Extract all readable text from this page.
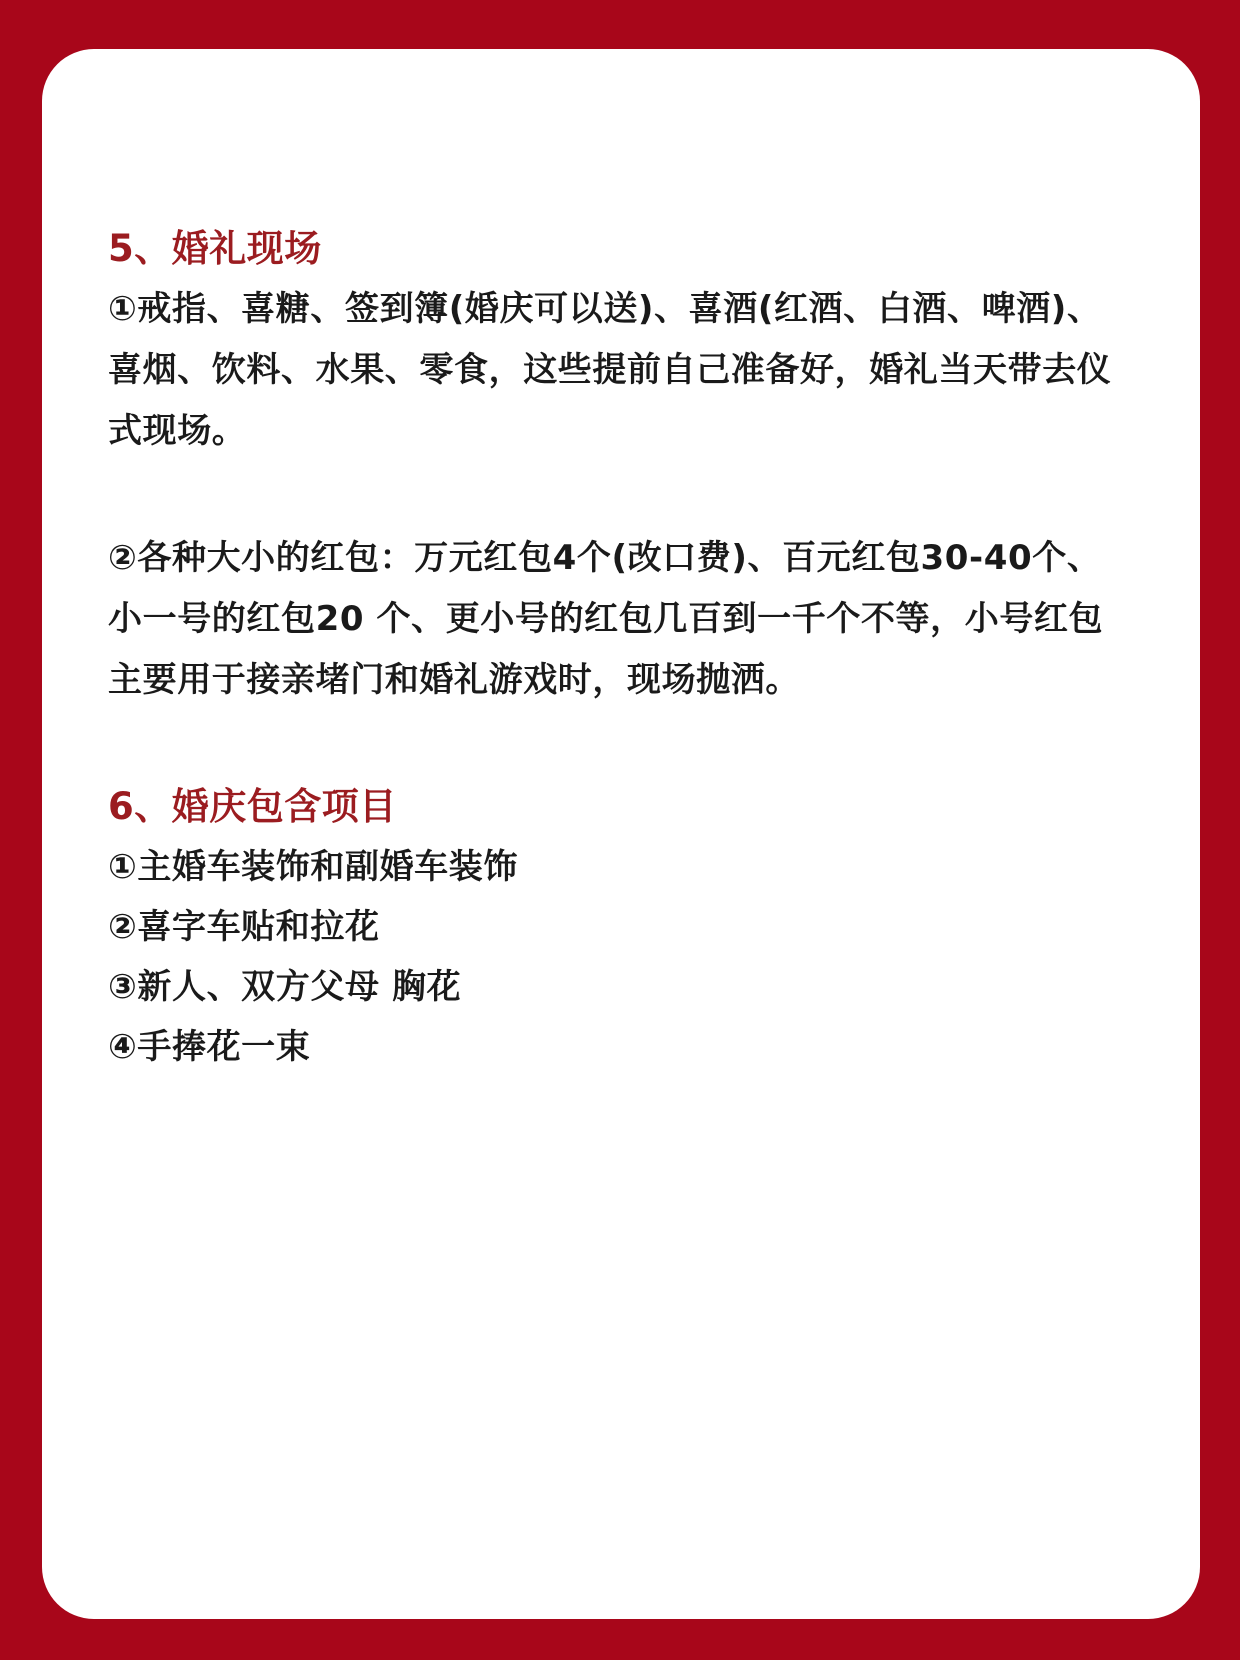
5、婚礼现场

①戒指、喜糖、签到簿(婚庆可以送)、喜酒(红酒、白酒、啤酒)、喜烟、饮料、水果、零食，这些提前自己准备好，婚礼当天带去仪式现场。

②各种大小的红包：万元红包4个(改口费)、百元红包30-40个、小一号的红包20 个、更小号的红包几百到一千个不等，小号红包主要用于接亲堵门和婚礼游戏时，现场抛洒。

6、婚庆包含项目
①主婚车装饰和副婚车装饰
②喜字车贴和拉花
③新人、双方父母 胸花
④手捧花一束
